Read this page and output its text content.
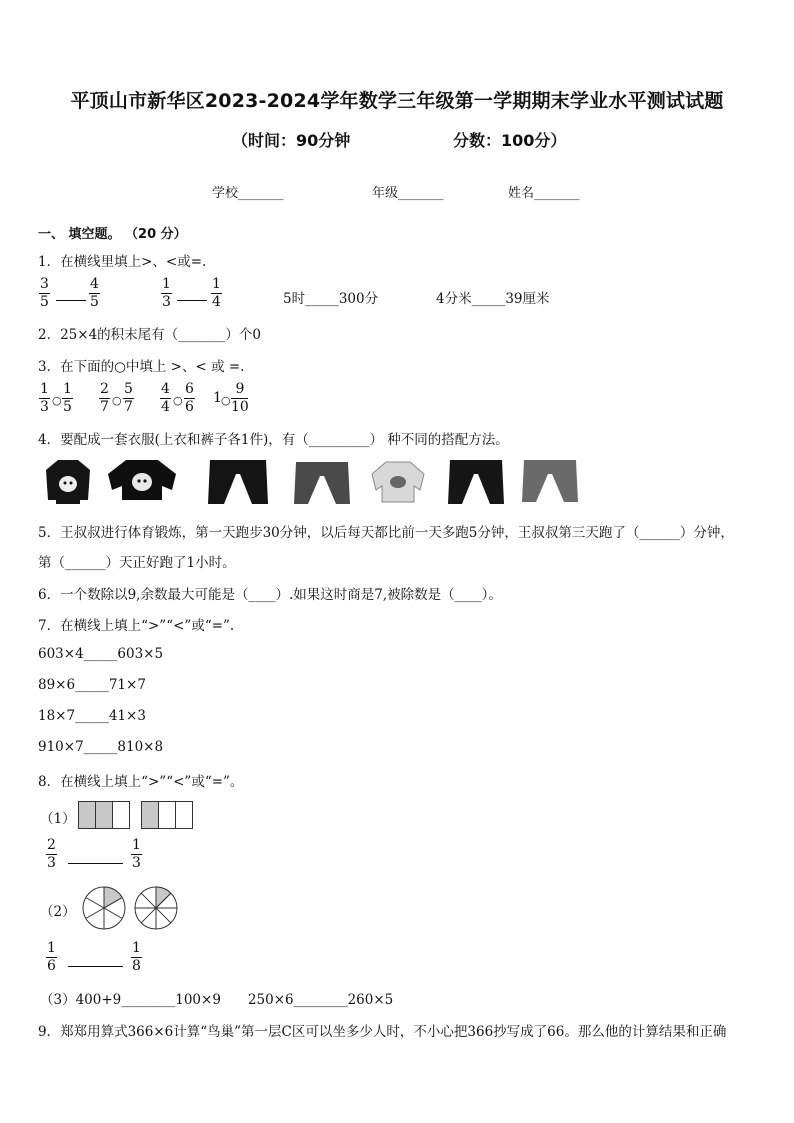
平顶山市新华区2023-2024学年数学三年级第一学期期末学业水平测试试题
（时间：90分钟	分数：100分）
学校_______	年级_______	姓名_______
一、 填空题。 （20 分）
1．在横线里填上>、<或=.
3
5
4
5
1
3
1
4	5时_____300分	4分米_____39厘米
2．25×4的积末尾有（_______）个0
3．在下面的○中填上 >、< 或 =.
1
3 ○
1
5
2
7 ○
5
7
4
4 ○
6
6
1 ○
9
10
4．要配成一套衣服(上衣和裤子各1件)，有（_________） 种不同的搭配方法。
5．王叔叔进行体育锻炼，第一天跑步30分钟，以后每天都比前一天多跑5分钟，王叔叔第三天跑了（______）分钟，
第（______）天正好跑了1小时。
6．一个数除以9,余数最大可能是（____）.如果这时商是7,被除数是（____）。
7．在横线上填上“>”“<”或“=”.
603×4_____603×5
89×6_____71×7
18×7_____41×3
910×7_____810×8
8．在横线上填上“>”“<”或“=”。
（1）
2
3
1
3
（2）
1
6
1
8
（3）400+9________100×9　　250×6________260×5
9．郑郑用算式366×6计算“鸟巢”第一层C区可以坐多少人时，不小心把366抄写成了66。那么他的计算结果和正确
